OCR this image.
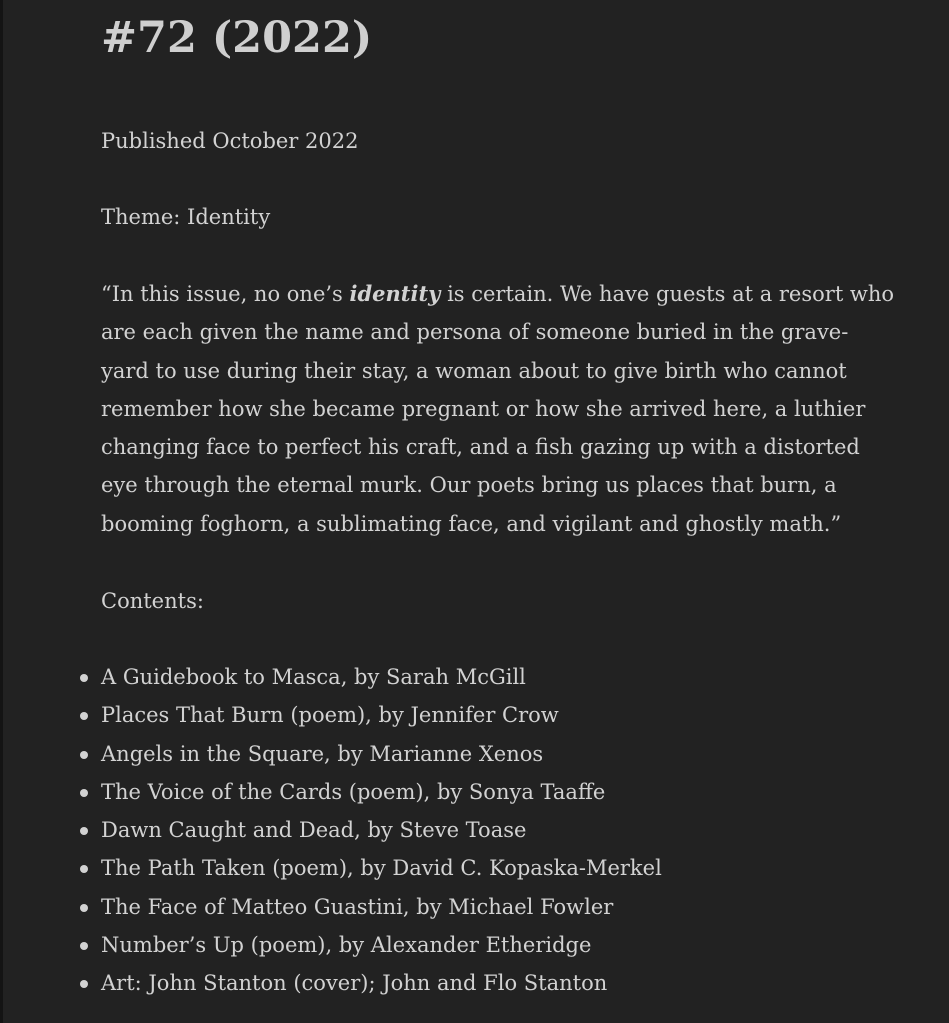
#72 (2022)

Published October 2022

Theme: Identity

“In this issue, no one’s identity is certain. We have guests at a resort who
are each given the name and persona of someone buried in the grave-
yard to use during their stay, a woman about to give birth who cannot
remember how she became pregnant or how she arrived here, a luthier
changing face to perfect his craft, and a fish gazing up with a distorted
eye through the eternal murk. Our poets bring us places that burn, a
booming foghorn, a sublimating face, and vigilant and ghostly math.”

Contents:

A Guidebook to Masca, by Sarah McGill
Places That Burn (poem), by Jennifer Crow
Angels in the Square, by Marianne Xenos
The Voice of the Cards (poem), by Sonya Taaffe
Dawn Caught and Dead, by Steve Toase
The Path Taken (poem), by David C. Kopaska-Merkel
The Face of Matteo Guastini, by Michael Fowler
Number’s Up (poem), by Alexander Etheridge
Art: John Stanton (cover); John and Flo Stanton
